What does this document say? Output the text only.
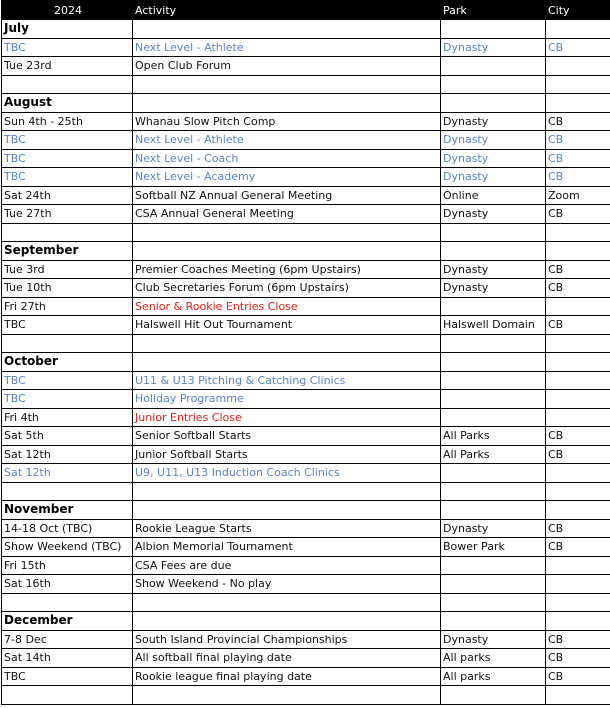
2024	Activity	Park	City
July			
TBC	Next Level - Athlete	Dynasty	CB
Tue 23rd	Open Club Forum		

August			
Sun 4th - 25th	Whanau Slow Pitch Comp	Dynasty	CB
TBC	Next Level - Athlete	Dynasty	CB
TBC	Next Level - Coach	Dynasty	CB
TBC	Next Level - Academy	Dynasty	CB
Sat 24th	Softball NZ Annual General Meeting	Online	Zoom
Tue 27th	CSA Annual General Meeting	Dynasty	CB

September			
Tue 3rd	Premier Coaches Meeting (6pm Upstairs)	Dynasty	CB
Tue 10th	Club Secretaries Forum (6pm Upstairs)	Dynasty	CB
Fri 27th	Senior & Rookie Entries Close		
TBC	Halswell Hit Out Tournament	Halswell Domain	CB

October			
TBC	U11 & U13 Pitching & Catching Clinics		
TBC	Holiday Programme		
Fri 4th	Junior Entries Close		
Sat 5th	Senior Softball Starts	All Parks	CB
Sat 12th	Junior Softball Starts	All Parks	CB
Sat 12th	U9, U11, U13 Induction Coach Clinics		

November			
14-18 Oct (TBC)	Rookie League Starts	Dynasty	CB
Show Weekend (TBC)	Albion Memorial Tournament	Bower Park	CB
Fri 15th	CSA Fees are due		
Sat 16th	Show Weekend - No play		

December			
7-8 Dec	South Island Provincial Championships	Dynasty	CB
Sat 14th	All softball final playing date	All parks	CB
TBC	Rookie league final playing date	All parks	CB
